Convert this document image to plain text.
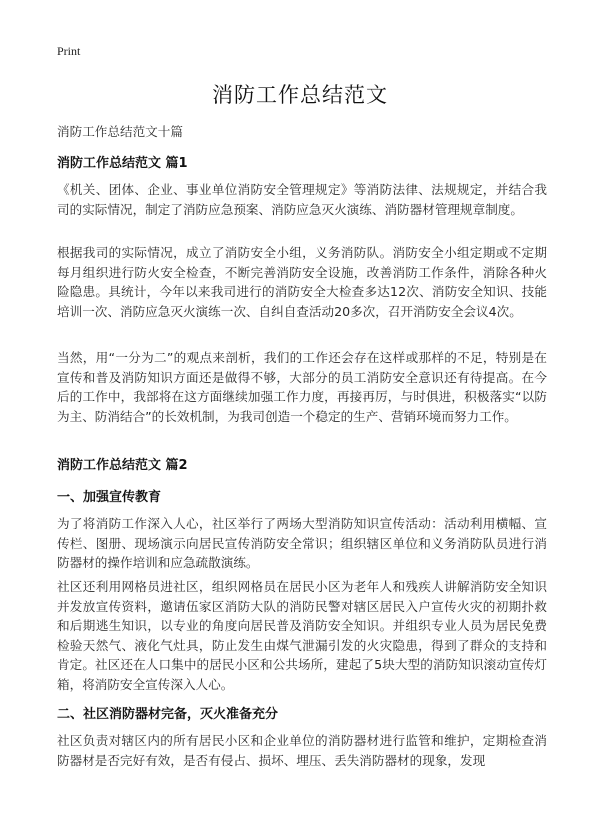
Print
消防工作总结范文
消防工作总结范文十篇
消防工作总结范文 篇1
《机关、团体、企业、事业单位消防安全管理规定》等消防法律、法规规定，并结合我司的实际情况，制定了消防应急预案、消防应急灭火演练、消防器材管理规章制度。
根据我司的实际情况，成立了消防安全小组，义务消防队。消防安全小组定期或不定期每月组织进行防火安全检查，不断完善消防安全设施，改善消防工作条件，消除各种火险隐患。具统计，今年以来我司进行的消防安全大检查多达12次、消防安全知识、技能培训一次、消防应急灭火演练一次、自纠自查活动20多次，召开消防安全会议4次。
当然，用“一分为二”的观点来剖析，我们的工作还会存在这样或那样的不足，特别是在宣传和普及消防知识方面还是做得不够，大部分的员工消防安全意识还有待提高。在今后的工作中，我部将在这方面继续加强工作力度，再接再厉，与时俱进，积极落实“以防为主、防消结合”的长效机制，为我司创造一个稳定的生产、营销环境而努力工作。
消防工作总结范文 篇2
一、加强宣传教育
为了将消防工作深入人心，社区举行了两场大型消防知识宣传活动：活动利用横幅、宣传栏、图册、现场演示向居民宣传消防安全常识；组织辖区单位和义务消防队员进行消防器材的操作培训和应急疏散演练。
社区还利用网格员进社区，组织网格员在居民小区为老年人和残疾人讲解消防安全知识并发放宣传资料，邀请伍家区消防大队的消防民警对辖区居民入户宣传火灾的初期扑救和后期逃生知识，以专业的角度向居民普及消防安全知识。并组织专业人员为居民免费检验天然气、液化气灶具，防止发生由煤气泄漏引发的火灾隐患，得到了群众的支持和肯定。社区还在人口集中的居民小区和公共场所，建起了5块大型的消防知识滚动宣传灯箱，将消防安全宣传深入人心。
二、社区消防器材完备，灭火准备充分
社区负责对辖区内的所有居民小区和企业单位的消防器材进行监管和维护，定期检查消防器材是否完好有效，是否有侵占、损坏、埋压、丢失消防器材的现象，发现
